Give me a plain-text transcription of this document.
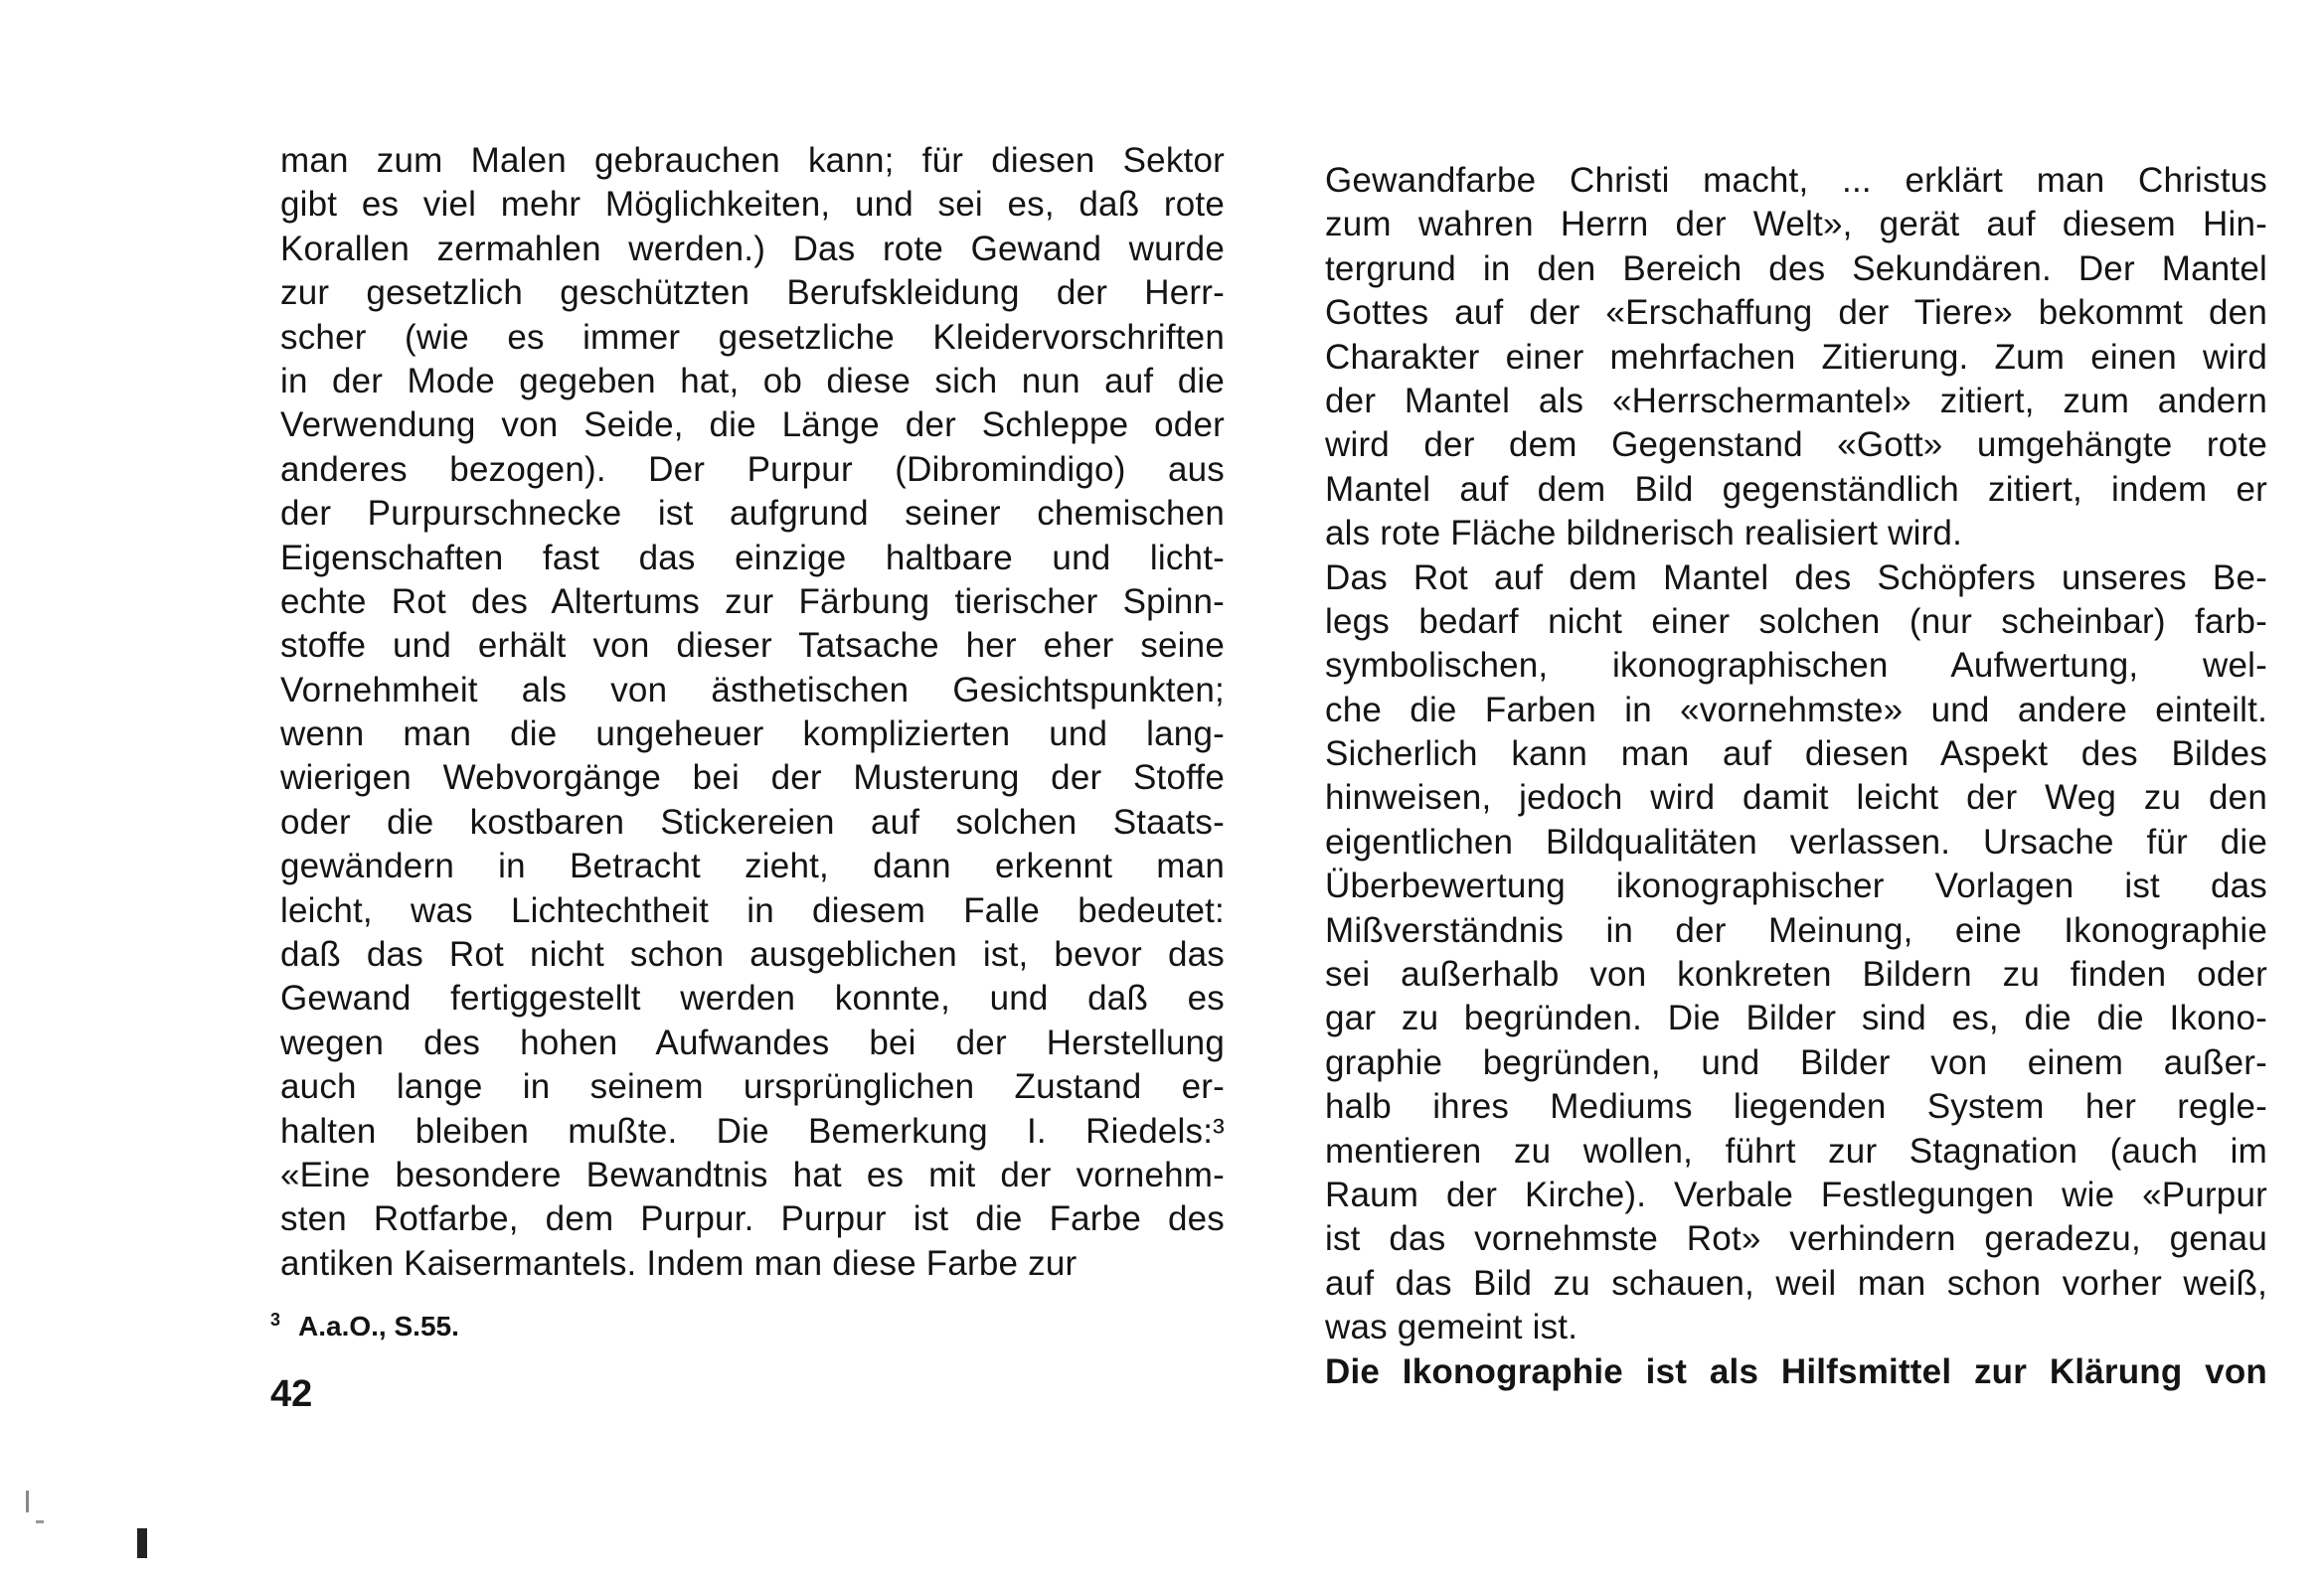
man zum Malen gebrauchen kann; für diesen Sektor
gibt es viel mehr Möglichkeiten, und sei es, daß rote
Korallen zermahlen werden.) Das rote Gewand wurde
zur gesetzlich geschützten Berufskleidung der Herr-
scher (wie es immer gesetzliche Kleidervorschriften
in der Mode gegeben hat, ob diese sich nun auf die
Verwendung von Seide, die Länge der Schleppe oder
anderes bezogen). Der Purpur (Dibromindigo) aus
der Purpurschnecke ist aufgrund seiner chemischen
Eigenschaften fast das einzige haltbare und licht-
echte Rot des Altertums zur Färbung tierischer Spinn-
stoffe und erhält von dieser Tatsache her eher seine
Vornehmheit als von ästhetischen Gesichtspunkten;
wenn man die ungeheuer komplizierten und lang-
wierigen Webvorgänge bei der Musterung der Stoffe
oder die kostbaren Stickereien auf solchen Staats-
gewändern in Betracht zieht, dann erkennt man
leicht, was Lichtechtheit in diesem Falle bedeutet:
daß das Rot nicht schon ausgeblichen ist, bevor das
Gewand fertiggestellt werden konnte, und daß es
wegen des hohen Aufwandes bei der Herstellung
auch lange in seinem ursprünglichen Zustand er-
halten bleiben mußte. Die Bemerkung I. Riedels:³
«Eine besondere Bewandtnis hat es mit der vornehm-
sten Rotfarbe, dem Purpur. Purpur ist die Farbe des
antiken Kaisermantels. Indem man diese Farbe zur
$^3$ A.a.O., S.55.
42
Gewandfarbe Christi macht, ... erklärt man Christus
zum wahren Herrn der Welt», gerät auf diesem Hin-
tergrund in den Bereich des Sekundären. Der Mantel
Gottes auf der «Erschaffung der Tiere» bekommt den
Charakter einer mehrfachen Zitierung. Zum einen wird
der Mantel als «Herrschermantel» zitiert, zum andern
wird der dem Gegenstand «Gott» umgehängte rote
Mantel auf dem Bild gegenständlich zitiert, indem er
als rote Fläche bildnerisch realisiert wird.
Das Rot auf dem Mantel des Schöpfers unseres Be-
legs bedarf nicht einer solchen (nur scheinbar) farb-
symbolischen, ikonographischen Aufwertung, wel-
che die Farben in «vornehmste» und andere einteilt.
Sicherlich kann man auf diesen Aspekt des Bildes
hinweisen, jedoch wird damit leicht der Weg zu den
eigentlichen Bildqualitäten verlassen. Ursache für die
Überbewertung ikonographischer Vorlagen ist das
Mißverständnis in der Meinung, eine Ikonographie
sei außerhalb von konkreten Bildern zu finden oder
gar zu begründen. Die Bilder sind es, die die Ikono-
graphie begründen, und Bilder von einem außer-
halb ihres Mediums liegenden System her regle-
mentieren zu wollen, führt zur Stagnation (auch im
Raum der Kirche). Verbale Festlegungen wie «Purpur
ist das vornehmste Rot» verhindern geradezu, genau
auf das Bild zu schauen, weil man schon vorher weiß,
was gemeint ist.
Die Ikonographie ist als Hilfsmittel zur Klärung von
